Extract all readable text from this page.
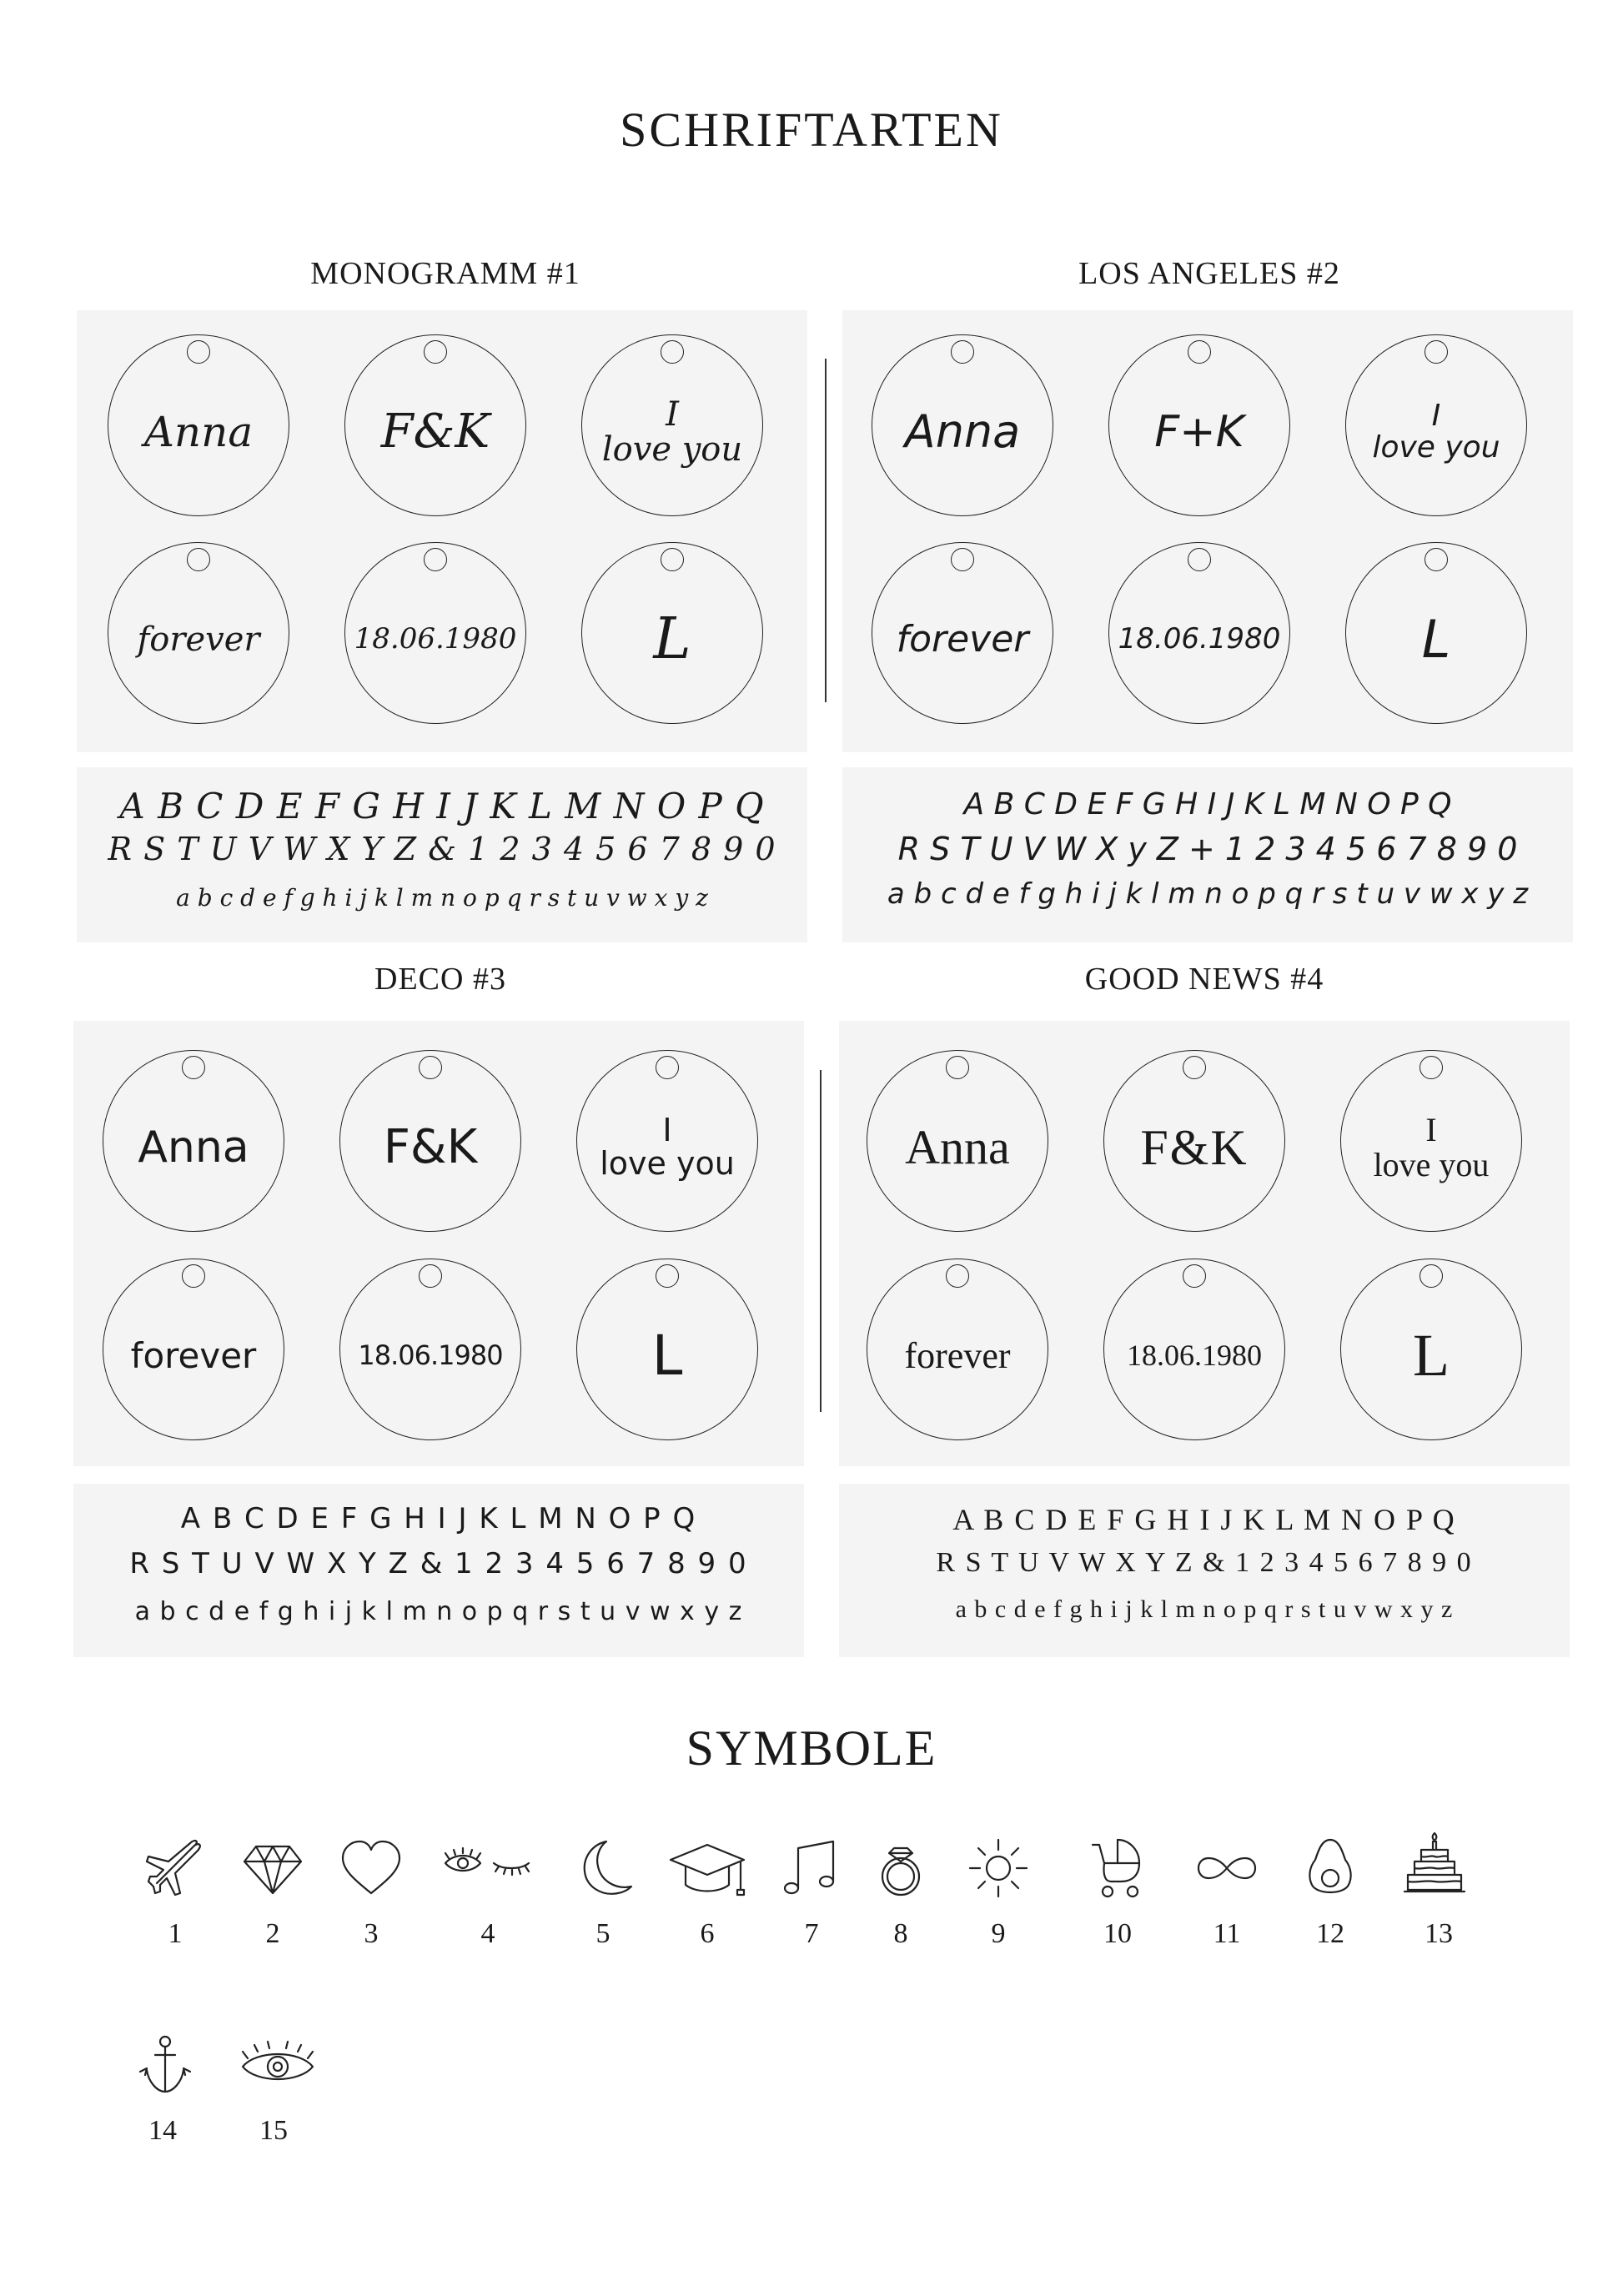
SCHRIFTARTEN
MONOGRAMM #1	LOS ANGELES #2
DECO #3	GOOD NEWS #4
Anna	F&K	I
love you
forever	18.06.1980 L
Anna	F+K	I
love you
forever	18.06.1980	L
Anna	F&K	I
love you
forever	18.06.1980	L
Anna	F&K	I
love you
forever	18.06.1980	L
A B C D E F G H I J K L M N O P Q
R S T U V W X Y Z & 1 2 3 4 5 6 7 8 9 0
a b c d e f g h i j k l m n o p q r s t u v w x y z
A B C D E F G H I J K L M N O P Q
R S T U V W X y Z + 1 2 3 4 5 6 7 8 9 0
a b c d e f g h i j k l m n o p q r s t u v w x y z
A B C D E F G H I J K L M N O P Q
R S T U V W X Y Z & 1 2 3 4 5 6 7 8 9 0
a b c d e f g h i j k l m n o p q r s t u v w x y z
A B C D E F G H I J K L M N O P Q
R S T U V W X Y Z & 1 2 3 4 5 6 7 8 9 0
a b c d e f g h i j k l m n o p q r s t u v w x y z
SYMBOLE
1	2	3	4	5	6	7	8	9	10	11	12	13
14	15
